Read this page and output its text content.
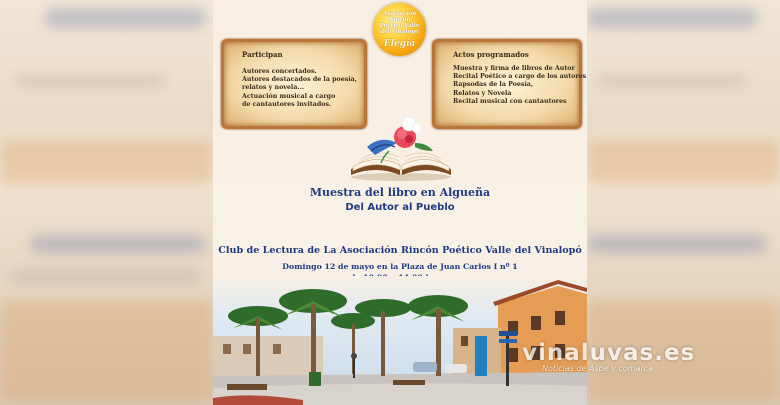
Asociación Rincón Poético Valle del Vinalopó
Elegía
Participan
Autores concertados.
Autores destacados de la poesía,
relatos y novela...
Actuación musical a cargo
de cantautores invitados.
Actos programados
Muestra y firma de libros de Autor
Recital Poético a cargo de los autores
Rapsodas de la Poesía,
Relatos y Novela
Recital musical con cantautores
Muestra del libro en Algueña
Del Autor al Pueblo
Club de Lectura de La Asociación Rincón Poético Valle del Vinalopó
Domingo 12 de mayo en la Plaza de Juan Carlos I nº 1
vinaluvas.es
Noticias de Aspe y comarca
